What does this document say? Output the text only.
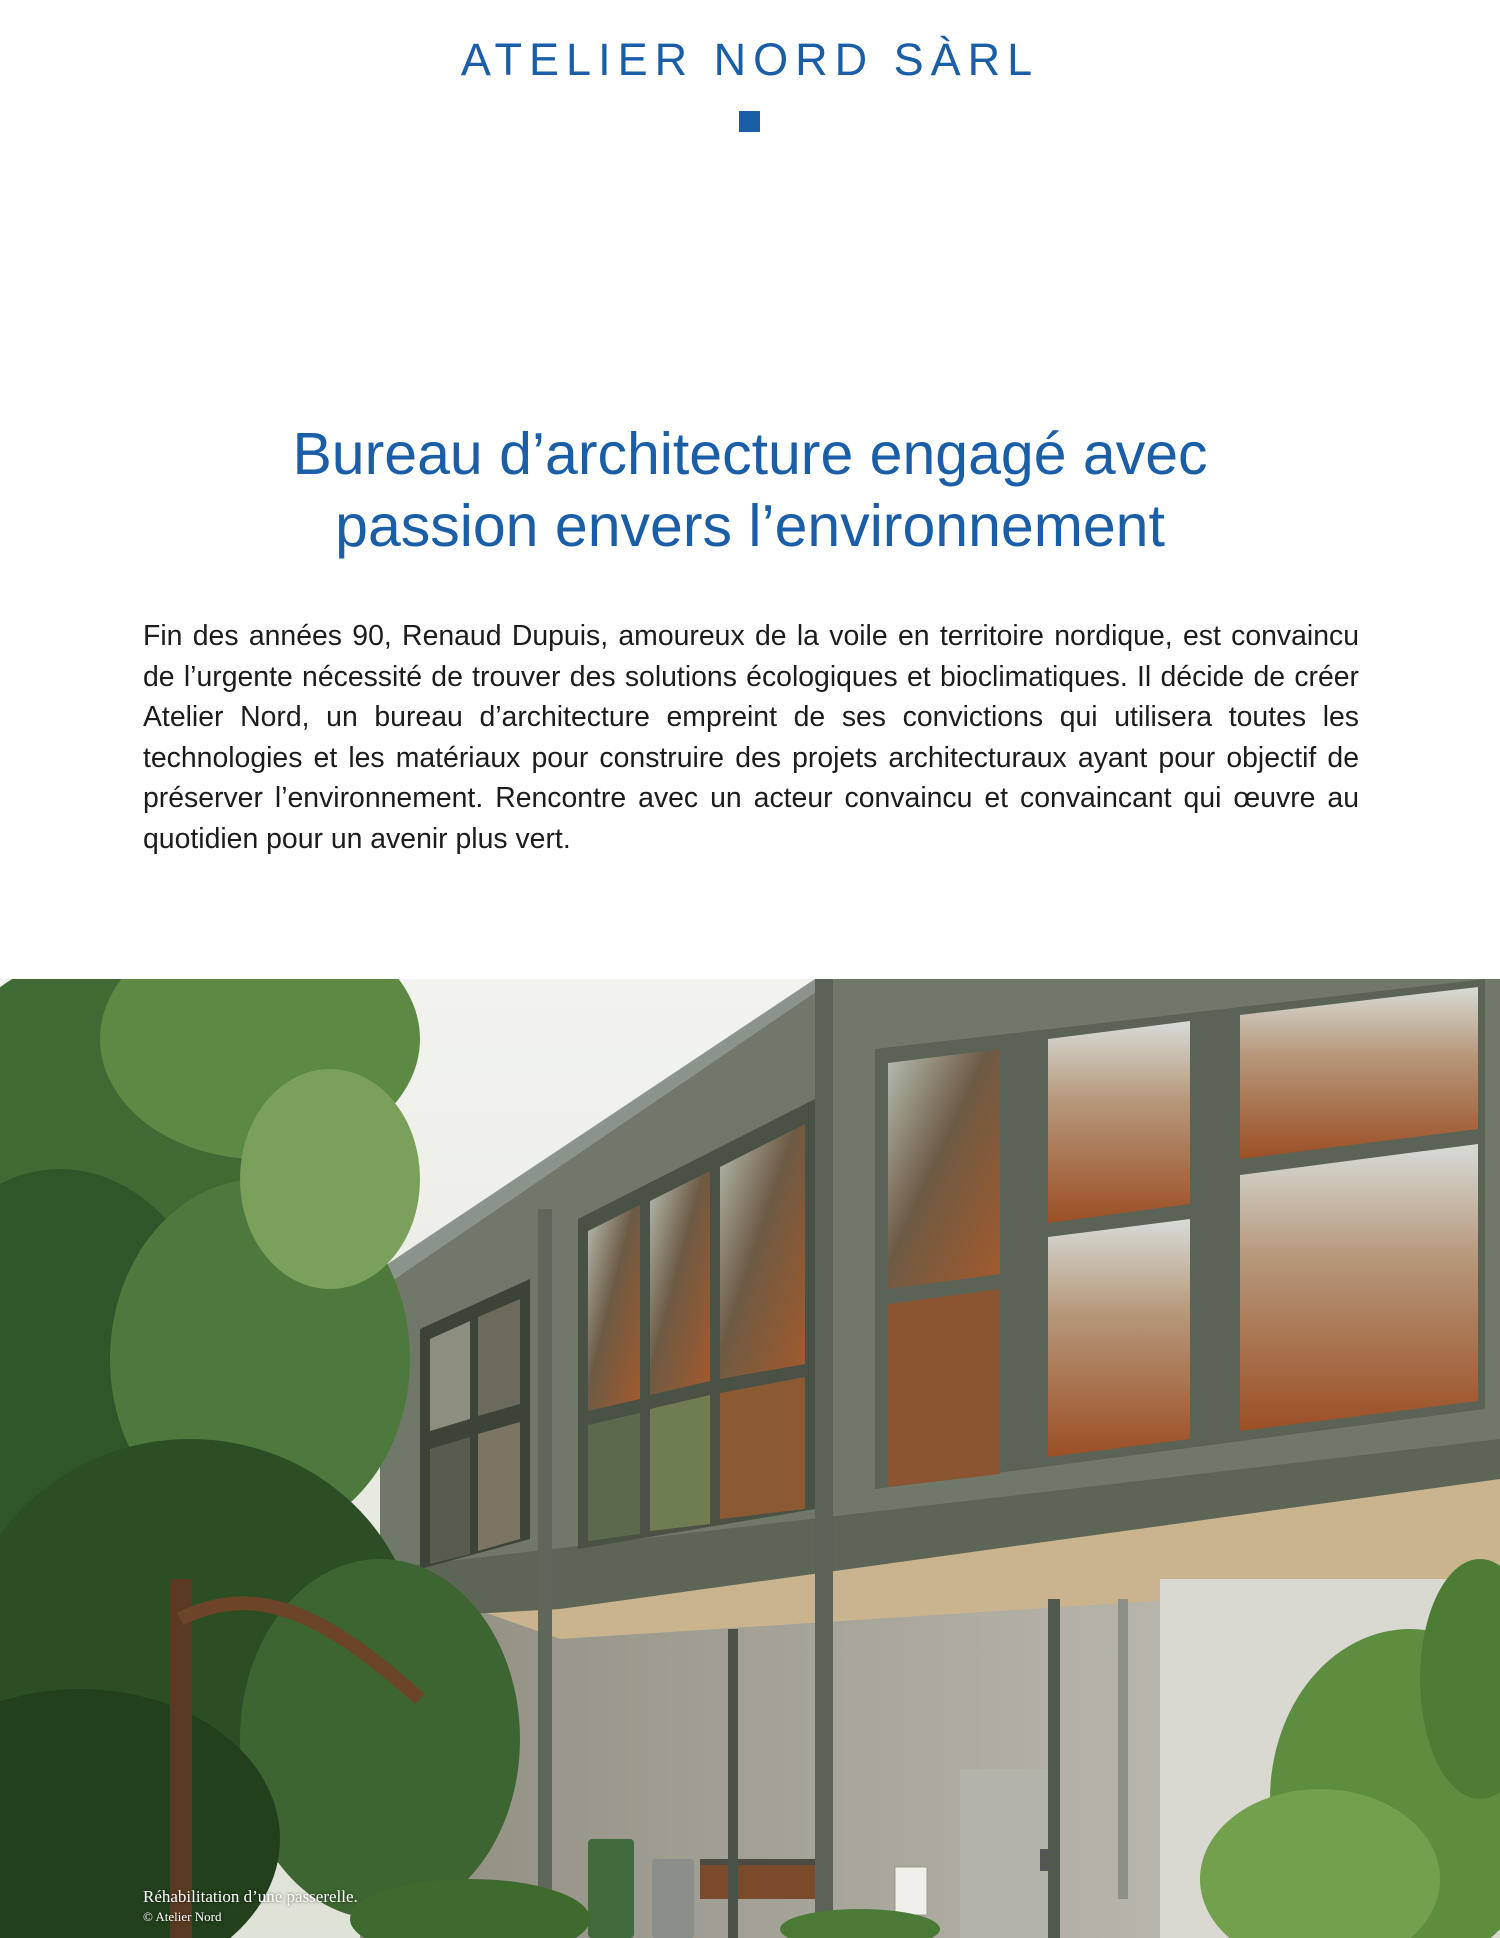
ATELIER NORD SÀRL
Bureau d’architecture engagé avec
passion envers l’environnement

Fin des années 90, Renaud Dupuis, amoureux de la voile en territoire nordique, est convaincu de l’urgente nécessité de trouver des solutions écologiques et bioclimatiques. Il décide de créer Atelier Nord, un bureau d’architecture empreint de ses convictions qui utilisera toutes les technologies et les matériaux pour construire des projets architecturaux ayant pour objectif de préserver l’environnement. Rencontre avec un acteur convaincu et convaincant qui œuvre au quotidien pour un avenir plus vert.

Réhabilitation d’une passerelle.
© Atelier Nord
